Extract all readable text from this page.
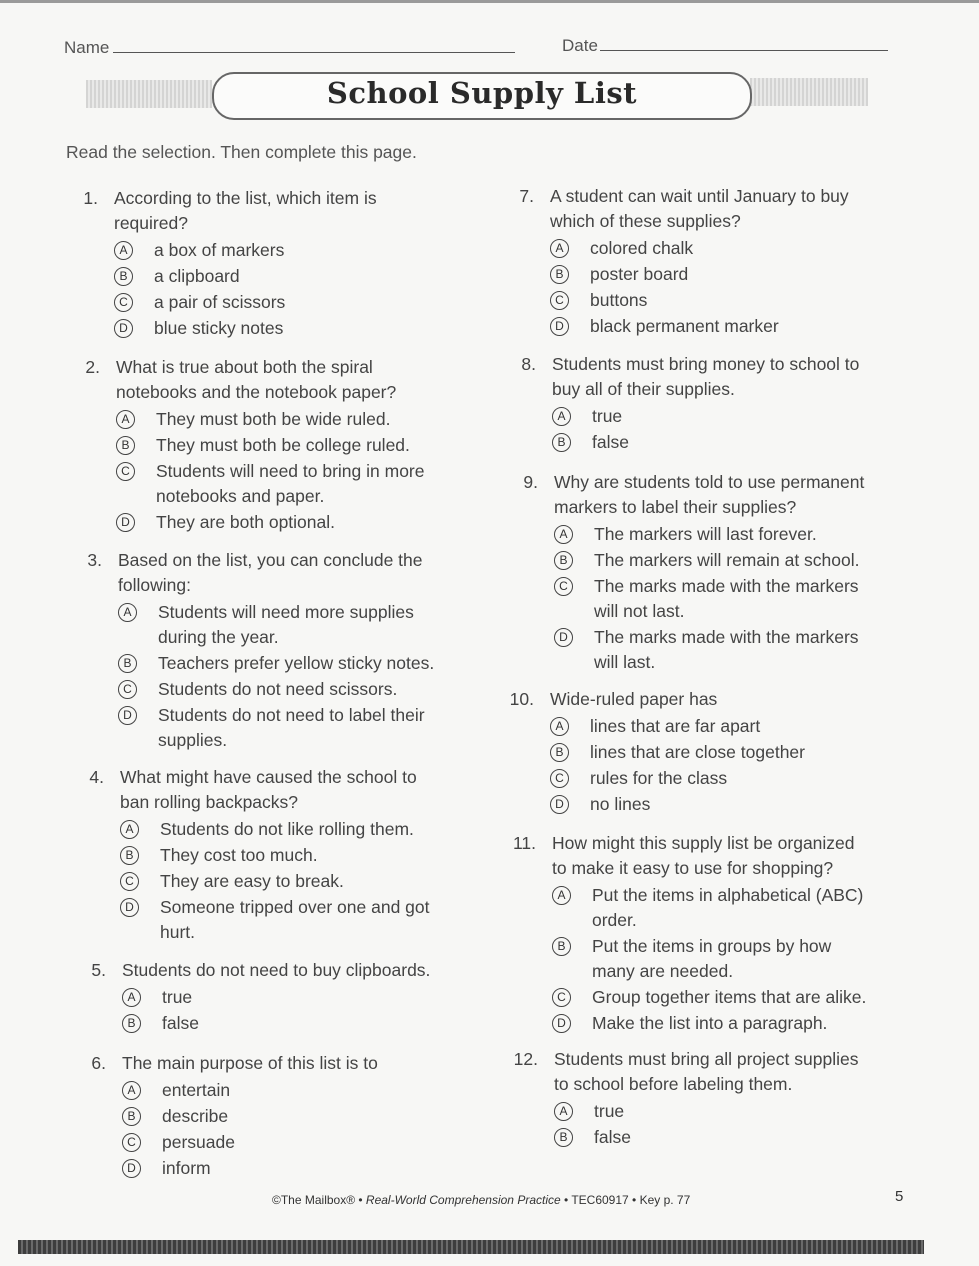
Name	Date
School Supply List
Read the selection. Then complete this page.
1. According to the list, which item is
required?
A	a box of markers
B	a clipboard
C a pair of scissors
D blue sticky notes
2. What is true about both the spiral
notebooks and the notebook paper?
A	They must both be wide ruled.
B	They must both be college ruled.
C Students will need to bring in more
notebooks and paper.
D They are both optional.
3. Based on the list, you can conclude the
following:
A	Students will need more supplies
during the year.
B	Teachers prefer yellow sticky notes.
C Students do not need scissors.
D Students do not need to label their
supplies.
4. What might have caused the school to
ban rolling backpacks?
A	Students do not like rolling them.
B	They cost too much.
C They are easy to break.
D Someone tripped over one and got
hurt.
5. Students do not need to buy clipboards.
A	true
B	false
6. The main purpose of this list is to
A	entertain
B	describe
C persuade
D inform
7. A student can wait until January to buy
which of these supplies?
A	colored chalk
B	poster board
C buttons
D black permanent marker
8. Students must bring money to school to
buy all of their supplies.
A	true
B	false
9. Why are students told to use permanent
markers to label their supplies?
A	The markers will last forever.
B	The markers will remain at school.
C The marks made with the markers
will not last.
D The marks made with the markers
will last.
10. Wide-ruled paper has
A	lines that are far apart
B	lines that are close together
C rules for the class
D no lines
11. How might this supply list be organized
to make it easy to use for shopping?
A	Put the items in alphabetical (ABC)
order.
B	Put the items in groups by how
many are needed.
C Group together items that are alike.
D Make the list into a paragraph.
12. Students must bring all project supplies
to school before labeling them.
A	true
B	false
©The Mailbox® • Real-World Comprehension Practice • TEC60917 • Key p. 77	5
